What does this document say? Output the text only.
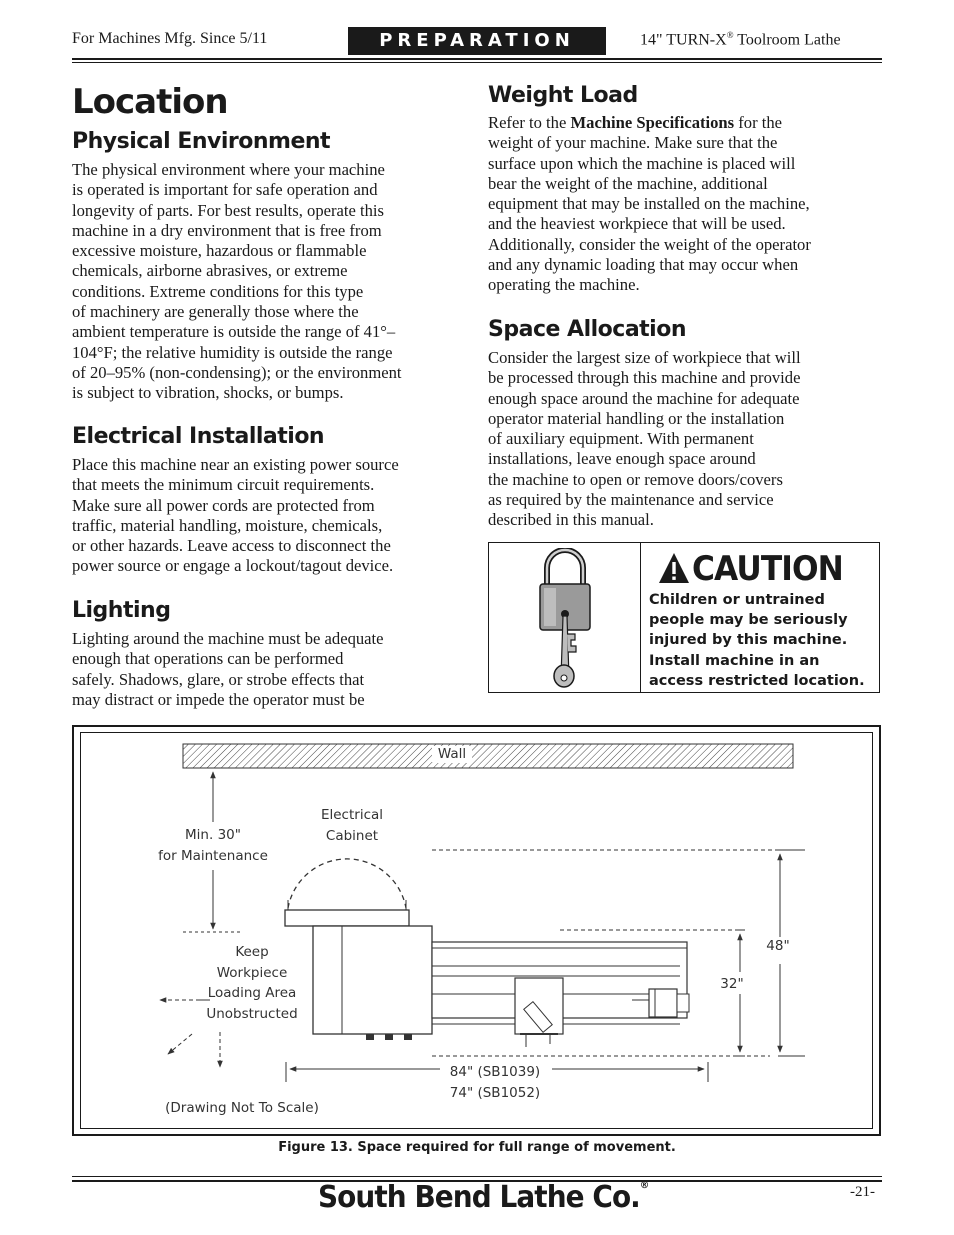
For Machines Mfg. Since 5/11	PREPARATION	14" TURN-X® Toolroom Lathe
Location
Physical Environment
The physical environment where your machine
is operated is important for safe operation and
longevity of parts. For best results, operate this
machine in a dry environment that is free from
excessive moisture, hazardous or flammable
chemicals, airborne abrasives, or extreme
conditions. Extreme conditions for this type
of machinery are generally those where the
ambient temperature is outside the range of 41°–
104°F; the relative humidity is outside the range
of 20–95% (non-condensing); or the environment
is subject to vibration, shocks, or bumps.
Electrical Installation
Place this machine near an existing power source
that meets the minimum circuit requirements.
Make sure all power cords are protected from
traffic, material handling, moisture, chemicals,
or other hazards. Leave access to disconnect the
power source or engage a lockout/tagout device.
Lighting
Lighting around the machine must be adequate
enough that operations can be performed
safely. Shadows, glare, or strobe effects that
may distract or impede the operator must be
Weight Load
Refer to the Machine Specifications for the
weight of your machine. Make sure that the
surface upon which the machine is placed will
bear the weight of the machine, additional
equipment that may be installed on the machine,
and the heaviest workpiece that will be used.
Additionally, consider the weight of the operator
and any dynamic loading that may occur when
operating the machine.
Space Allocation
Consider the largest size of workpiece that will
be processed through this machine and provide
enough space around the machine for adequate
operator material handling or the installation
of auxiliary equipment. With permanent
installations, leave enough space around
the machine to open or remove doors/covers
as required by the maintenance and service
described in this manual.
CAUTION
Children or untrained
people may be seriously
injured by this machine.
Install machine in an
access restricted location.
Wall
Electrical
Cabinet
Min. 30"
for Maintenance
Keep
Workpiece
Loading Area
Unobstructed
48"
32"
84" (SB1039)
74" (SB1052)
(Drawing Not To Scale)
Figure 13. Space required for full range of movement.
South Bend Lathe Co.®	-21-
